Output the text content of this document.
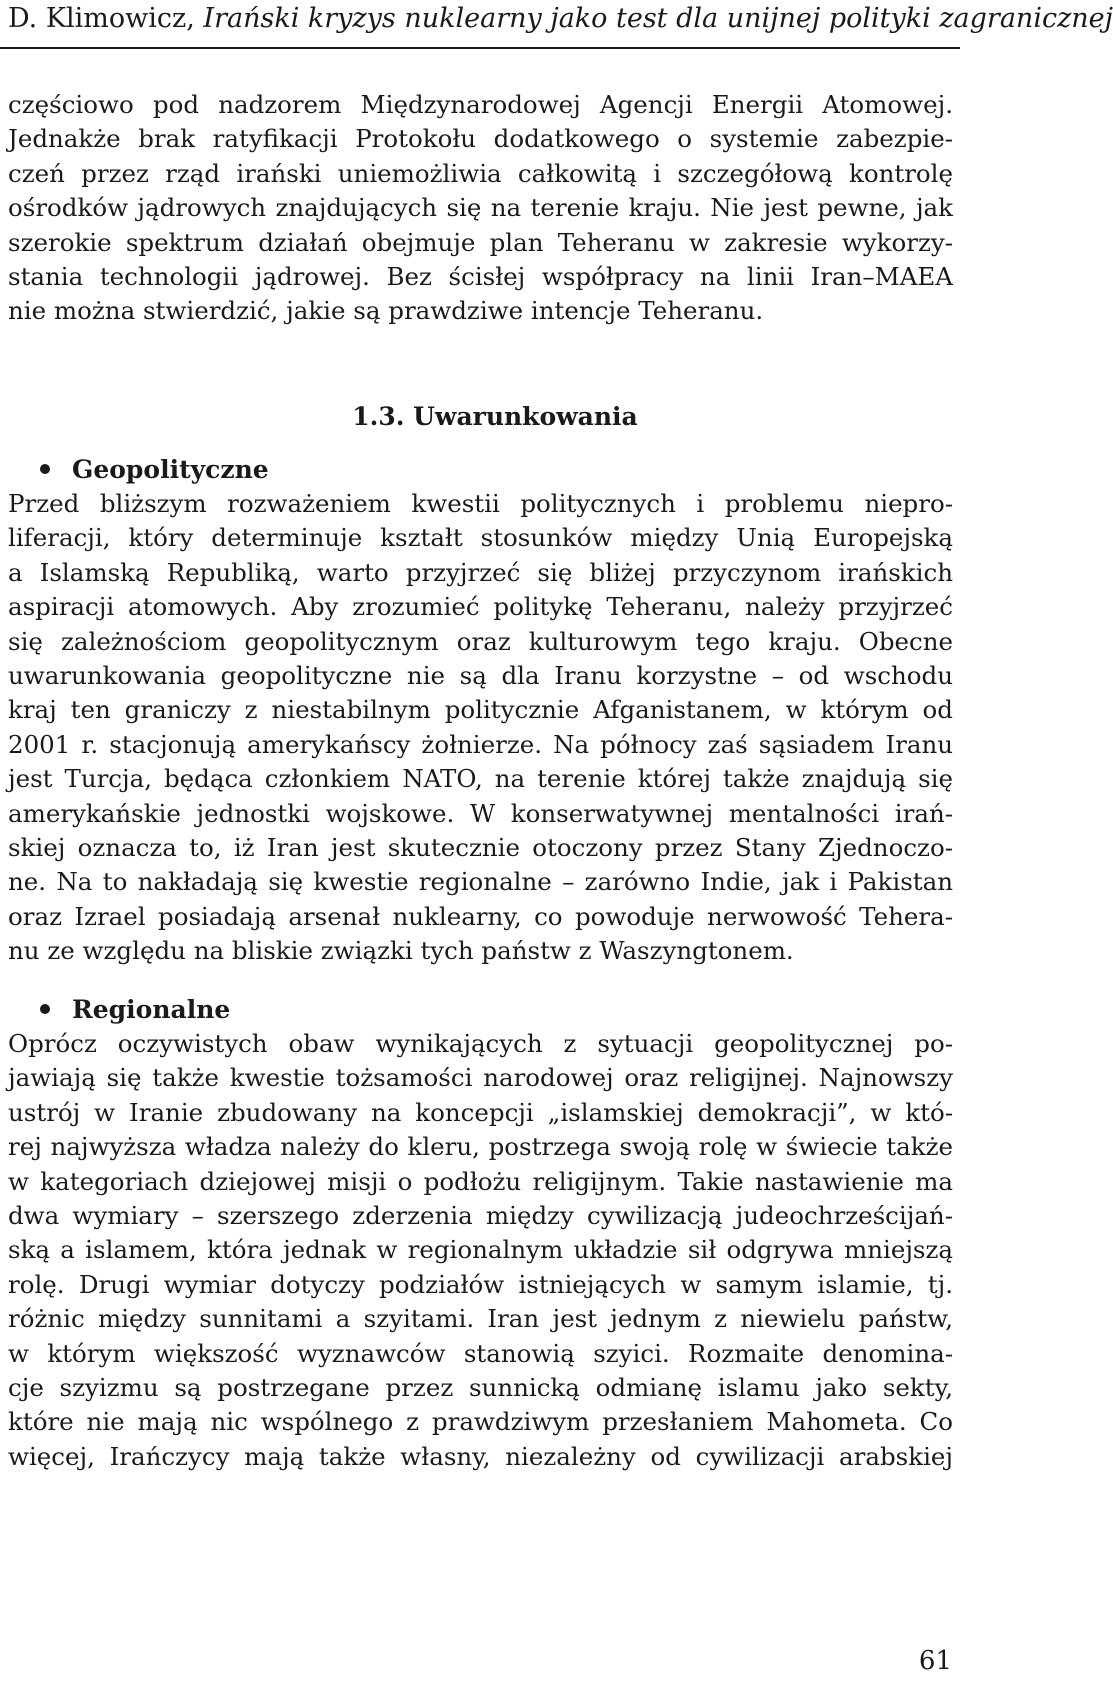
D. Klimowicz, Irański kryzys nuklearny jako test dla unijnej polityki zagranicznej
częściowo pod nadzorem Międzynarodowej Agencji Energii Atomowej.
Jednakże brak ratyfikacji Protokołu dodatkowego o systemie zabezpie-
czeń przez rząd irański uniemożliwia całkowitą i szczegółową kontrolę
ośrodków jądrowych znajdujących się na terenie kraju. Nie jest pewne, jak
szerokie spektrum działań obejmuje plan Teheranu w zakresie wykorzy-
stania technologii jądrowej. Bez ścisłej współpracy na linii Iran–MAEA
nie można stwierdzić, jakie są prawdziwe intencje Teheranu.
1.3. Uwarunkowania
Geopolityczne
Przed bliższym rozważeniem kwestii politycznych i problemu niepro-
liferacji, który determinuje kształt stosunków między Unią Europejską
a Islamską Republiką, warto przyjrzeć się bliżej przyczynom irańskich
aspiracji atomowych. Aby zrozumieć politykę Teheranu, należy przyjrzeć
się zależnościom geopolitycznym oraz kulturowym tego kraju. Obecne
uwarunkowania geopolityczne nie są dla Iranu korzystne – od wschodu
kraj ten graniczy z niestabilnym politycznie Afganistanem, w którym od
2001 r. stacjonują amerykańscy żołnierze. Na północy zaś sąsiadem Iranu
jest Turcja, będąca członkiem NATO, na terenie której także znajdują się
amerykańskie jednostki wojskowe. W konserwatywnej mentalności irań-
skiej oznacza to, iż Iran jest skutecznie otoczony przez Stany Zjednoczo-
ne. Na to nakładają się kwestie regionalne – zarówno Indie, jak i Pakistan
oraz Izrael posiadają arsenał nuklearny, co powoduje nerwowość Tehera-
nu ze względu na bliskie związki tych państw z Waszyngtonem.
Regionalne
Oprócz oczywistych obaw wynikających z sytuacji geopolitycznej po-
jawiają się także kwestie tożsamości narodowej oraz religijnej. Najnowszy
ustrój w Iranie zbudowany na koncepcji „islamskiej demokracji”, w któ-
rej najwyższa władza należy do kleru, postrzega swoją rolę w świecie także
w kategoriach dziejowej misji o podłożu religijnym. Takie nastawienie ma
dwa wymiary – szerszego zderzenia między cywilizacją judeochrześcijań-
ską a islamem, która jednak w regionalnym układzie sił odgrywa mniejszą
rolę. Drugi wymiar dotyczy podziałów istniejących w samym islamie, tj.
różnic między sunnitami a szyitami. Iran jest jednym z niewielu państw,
w którym większość wyznawców stanowią szyici. Rozmaite denomina-
cje szyizmu są postrzegane przez sunnicką odmianę islamu jako sekty,
które nie mają nic wspólnego z prawdziwym przesłaniem Mahometa. Co
więcej, Irańczycy mają także własny, niezależny od cywilizacji arabskiej
61
